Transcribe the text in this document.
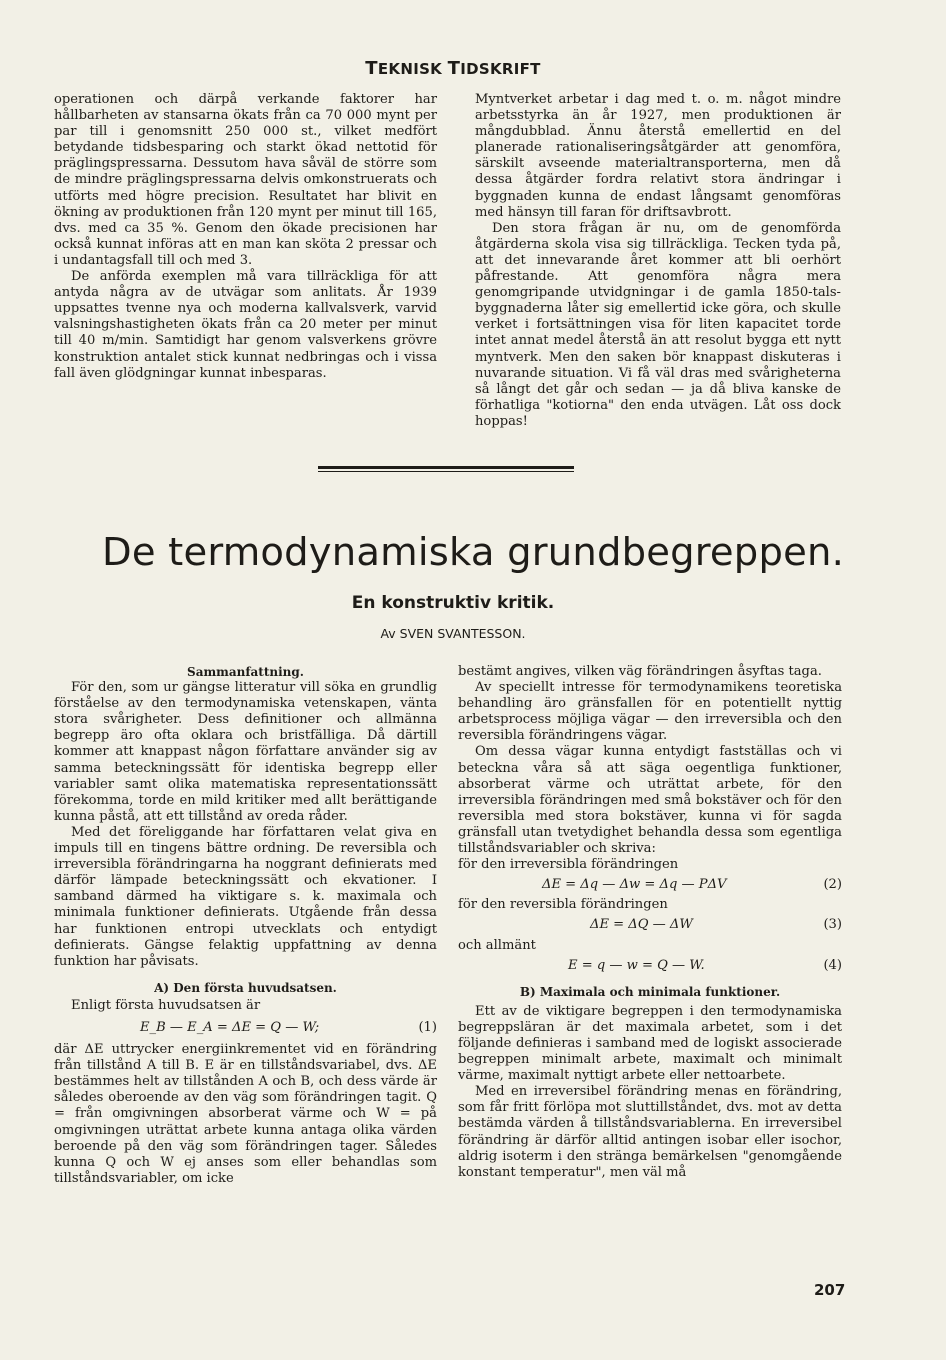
TEKNISK TIDSKRIFT

operationen och därpå verkande faktorer har hållbarheten av stansarna ökats från ca 70 000 mynt per par till i genomsnitt 250 000 st., vilket medfört betydande tidsbesparing och starkt ökad nettotid för präglingspressarna. Dessutom hava såväl de större som de mindre präglingspressarna delvis omkonstruerats och utförts med högre precision. Resultatet har blivit en ökning av produktionen från 120 mynt per minut till 165, dvs. med ca 35 %. Genom den ökade precisionen har också kunnat införas att en man kan sköta 2 pressar och i undantagsfall till och med 3.

De anförda exemplen må vara tillräckliga för att antyda några av de utvägar som anlitats. År 1939 uppsattes tvenne nya och moderna kallvalsverk, varvid valsningshastigheten ökats från ca 20 meter per minut till 40 m/min. Samtidigt har genom valsverkens grövre konstruktion antalet stick kunnat nedbringas och i vissa fall även glödgningar kunnat inbesparas.

Myntverket arbetar i dag med t. o. m. något mindre arbetsstyrka än år 1927, men produktionen är mångdubblad. Ännu återstå emellertid en del planerade rationaliseringsåtgärder att genomföra, särskilt avseende materialtransporterna, men då dessa åtgärder fordra relativt stora ändringar i byggnaden kunna de endast långsamt genomföras med hänsyn till faran för driftsavbrott.

Den stora frågan är nu, om de genomförda åtgärderna skola visa sig tillräckliga. Tecken tyda på, att det innevarande året kommer att bli oerhört påfrestande. Att genomföra några mera genomgripande utvidgningar i de gamla 1850-tals-byggnaderna låter sig emellertid icke göra, och skulle verket i fortsättningen visa för liten kapacitet torde intet annat medel återstå än att resolut bygga ett nytt myntverk. Men den saken bör knappast diskuteras i nuvarande situation. Vi få väl dras med svårigheterna så långt det går och sedan — ja då bliva kanske de förhatliga "kotiorna" den enda utvägen. Låt oss dock hoppas!

De termodynamiska grundbegreppen.
En konstruktiv kritik.
Av SVEN SVANTESSON.

Sammanfattning.

För den, som ur gängse litteratur vill söka en grundlig förståelse av den termodynamiska vetenskapen, vänta stora svårigheter. Dess definitioner och allmänna begrepp äro ofta oklara och bristfälliga. Då därtill kommer att knappast någon författare använder sig av samma beteckningssätt för identiska begrepp eller variabler samt olika matematiska representationssätt förekomma, torde en mild kritiker med allt berättigande kunna påstå, att ett tillstånd av oreda råder.

Med det föreliggande har författaren velat giva en impuls till en tingens bättre ordning. De reversibla och irreversibla förändringarna ha noggrant definierats med därför lämpade beteckningssätt och ekvationer. I samband därmed ha viktigare s. k. maximala och minimala funktioner definierats. Utgående från dessa har funktionen entropi utvecklats och entydigt definierats. Gängse felaktig uppfattning av denna funktion har påvisats.

A) Den första huvudsatsen.

Enligt första huvudsatsen är

E_B — E_A = ΔE = Q — W;	(1)

där ΔE uttrycker energiinkrementet vid en förändring från tillstånd A till B. E är en tillståndsvariabel, dvs. ΔE bestämmes helt av tillstånden A och B, och dess värde är således oberoende av den väg som förändringen tagit. Q = från omgivningen absorberat värme och W = på omgivningen uträttat arbete kunna antaga olika värden beroende på den väg som förändringen tager. Således kunna Q och W ej anses som eller behandlas som tillståndsvariabler, om icke

bestämt angives, vilken väg förändringen åsyftas taga.

Av speciellt intresse för termodynamikens teoretiska behandling äro gränsfallen för en potentiellt nyttig arbetsprocess möjliga vägar — den irreversibla och den reversibla förändringens vägar.

Om dessa vägar kunna entydigt fastställas och vi beteckna våra så att säga oegentliga funktioner, absorberat värme och uträttat arbete, för den irreversibla förändringen med små bokstäver och för den reversibla med stora bokstäver, kunna vi för sagda gränsfall utan tvetydighet behandla dessa som egentliga tillståndsvariabler och skriva:

för den irreversibla förändringen

ΔE = Δq — Δw = Δq — PΔV	(2)

för den reversibla förändringen

ΔE = ΔQ — ΔW	(3)

och allmänt

E = q — w = Q — W.	(4)

B) Maximala och minimala funktioner.

Ett av de viktigare begreppen i den termodynamiska begreppsläran är det maximala arbetet, som i det följande definieras i samband med de logiskt associerade begreppen minimalt arbete, maximalt och minimalt värme, maximalt nyttigt arbete eller nettoarbete.

Med en irreversibel förändring menas en förändring, som får fritt förlöpa mot sluttillståndet, dvs. mot av detta bestämda värden å tillståndsvariablerna. En irreversibel förändring är därför alltid antingen isobar eller isochor, aldrig isoterm i den stränga bemärkelsen "genomgående konstant temperatur", men väl må

207
